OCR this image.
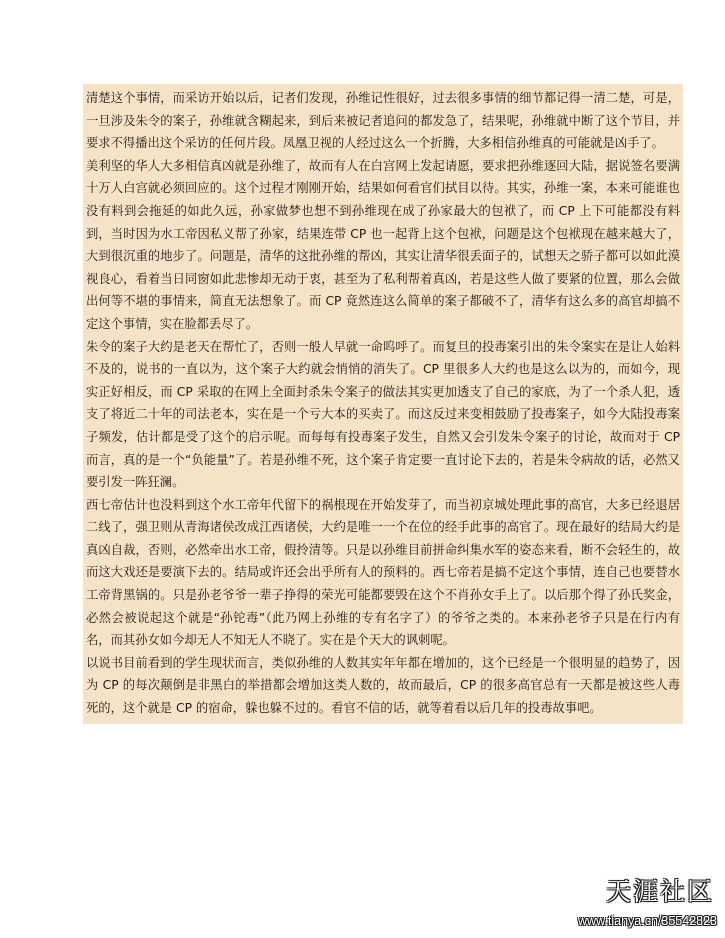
清楚这个事情，而采访开始以后，记者们发现，孙维记性很好，过去很多事情的细节都记得一清二楚，可是，一旦涉及朱令的案子，孙维就含糊起来，到后来被记者追问的都发急了，结果呢，孙维就中断了这个节目，并要求不得播出这个采访的任何片段。凤凰卫视的人经过这么一个折腾，大多相信孙维真的可能就是凶手了。

美利坚的华人大多相信真凶就是孙维了，故而有人在白宫网上发起请愿，要求把孙维逐回大陆，据说签名要满十万人白宫就必须回应的。这个过程才刚刚开始，结果如何看官们拭目以待。其实，孙维一案，本来可能谁也没有料到会拖延的如此久远，孙家做梦也想不到孙维现在成了孙家最大的包袱了，而 CP 上下可能都没有料到，当时因为水工帝因私义帮了孙家，结果连带 CP 也一起背上这个包袱，问题是这个包袱现在越来越大了，大到很沉重的地步了。问题是，清华的这批孙维的帮凶，其实让清华很丢面子的，试想天之骄子都可以如此漠视良心，看着当日同窗如此悲惨却无动于衷，甚至为了私利帮着真凶，若是这些人做了要紧的位置，那么会做出何等不堪的事情来，简直无法想象了。而 CP 竟然连这么简单的案子都破不了，清华有这么多的高官却搞不定这个事情，实在脸都丢尽了。

朱令的案子大约是老天在帮忙了，否则一般人早就一命呜呼了。而复旦的投毒案引出的朱令案实在是让人始料不及的，说书的一直以为，这个案子大约就会悄悄的消失了。CP 里很多人大约也是这么以为的，而如今，现实正好相反，而 CP 采取的在网上全面封杀朱令案子的做法其实更加透支了自己的家底，为了一个杀人犯，透支了将近二十年的司法老本，实在是一个亏大本的买卖了。而这反过来变相鼓励了投毒案子，如今大陆投毒案子频发，估计都是受了这个的启示呢。而每每有投毒案子发生，自然又会引发朱令案子的讨论，故而对于 CP 而言，真的是一个“负能量”了。若是孙维不死，这个案子肯定要一直讨论下去的，若是朱令病故的话，必然又要引发一阵狂澜。

西七帝估计也没料到这个水工帝年代留下的祸根现在开始发芽了，而当初京城处理此事的高官，大多已经退居二线了，强卫则从青海诸侯改成江西诸侯，大约是唯一一个在位的经手此事的高官了。现在最好的结局大约是真凶自裁，否则，必然牵出水工帝，假拎清等。只是以孙维目前拼命纠集水军的姿态来看，断不会轻生的，故而这大戏还是要演下去的。结局或许还会出乎所有人的预料的。西七帝若是搞不定这个事情，连自己也要替水工帝背黑锅的。只是孙老爷爷一辈子挣得的荣光可能都要毁在这个不肖孙女手上了。以后那个得了孙氏奖金，必然会被说起这个就是“孙铊毒”（此乃网上孙维的专有名字了）的爷爷之类的。本来孙老爷子只是在行内有名，而其孙女如今却无人不知无人不晓了。实在是个天大的讽刺呢。

以说书目前看到的学生现状而言，类似孙维的人数其实年年都在增加的，这个已经是一个很明显的趋势了，因为 CP 的每次颠倒是非黑白的举措都会增加这类人数的，故而最后，CP 的很多高官总有一天都是被这些人毒死的，这个就是 CP 的宿命，躲也躲不过的。看官不信的话，就等着看以后几年的投毒故事吧。

天涯社区
www.tianya.cn/35542823
